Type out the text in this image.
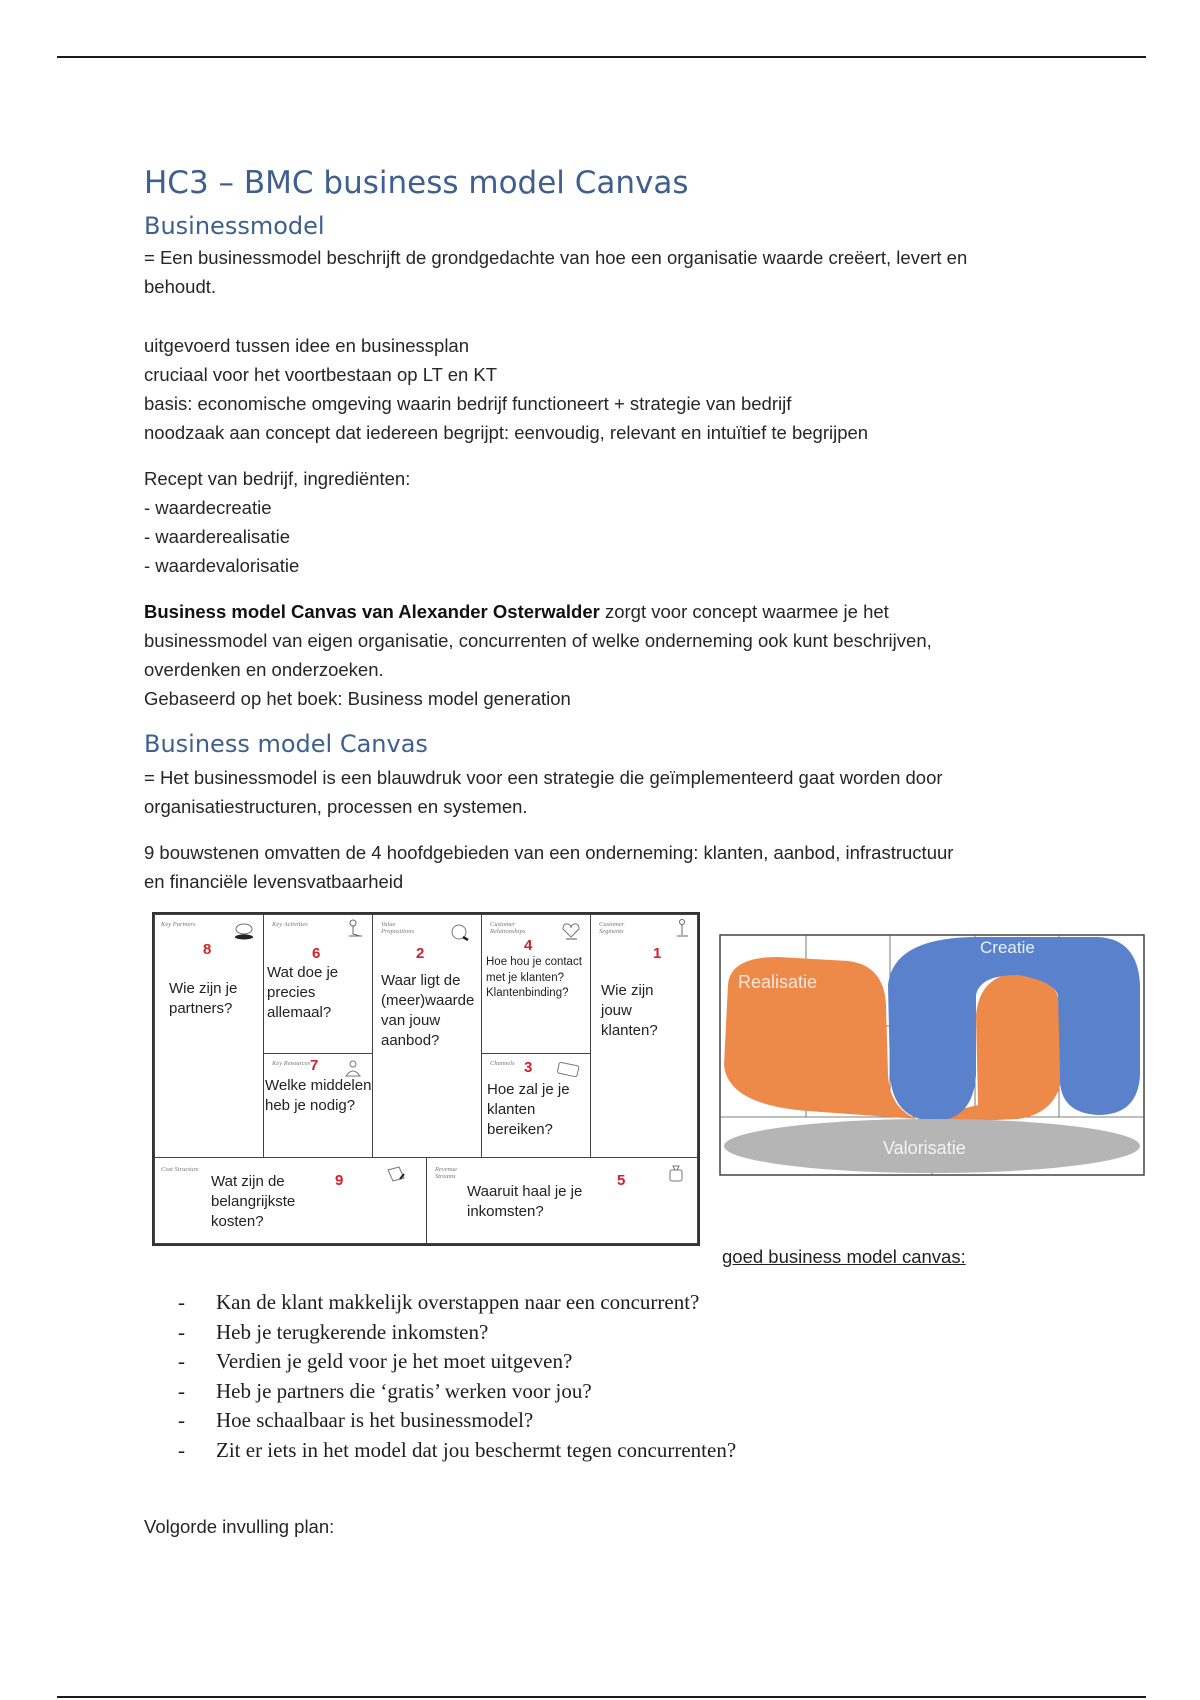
HC3 – BMC business model Canvas
Businessmodel
= Een businessmodel beschrijft de grondgedachte van hoe een organisatie waarde creëert, levert en
behoudt.
uitgevoerd tussen idee en businessplan
cruciaal voor het voortbestaan op LT en KT
basis: economische omgeving waarin bedrijf functioneert + strategie van bedrijf
noodzaak aan concept dat iedereen begrijpt: eenvoudig, relevant en intuïtief te begrijpen
Recept van bedrijf, ingrediënten:
- waardecreatie
- waarderealisatie
- waardevalorisatie
Business model Canvas van Alexander Osterwalder zorgt voor concept waarmee je het
businessmodel van eigen organisatie, concurrenten of welke onderneming ook kunt beschrijven,
overdenken en onderzoeken.
Gebaseerd op het boek: Business model generation
Business model Canvas
= Het businessmodel is een blauwdruk voor een strategie die geïmplementeerd gaat worden door
organisatiestructuren, processen en systemen.
9 bouwstenen omvatten de 4 hoofdgebieden van een onderneming: klanten, aanbod, infrastructuur
en financiële levensvatbaarheid
Key Partners
8
Wie zijn je partners?
Key Activities
6
Wat doe je precies allemaal?
Key Resources 7
Welke middelen heb je nodig?
Value Propositions
2
Waar ligt de (meer)waarde van jouw aanbod?
Customer Relationships
4
Hoe hou je contact met je klanten? Klantenbinding?
Channels 3
Hoe zal je je klanten bereiken?
Customer Segments
1
Wie zijn jouw klanten?
Cost Structure
9
Wat zijn de belangrijkste kosten?
Revenue Streams	5
Waaruit haal je je inkomsten?
Creatie
Realisatie
Valorisatie
goed business model canvas:
-	Kan de klant makkelijk overstappen naar een concurrent?
-	Heb je terugkerende inkomsten?
-	Verdien je geld voor je het moet uitgeven?
-	Heb je partners die ‘gratis’ werken voor jou?
-	Hoe schaalbaar is het businessmodel?
-	Zit er iets in het model dat jou beschermt tegen concurrenten?
Volgorde invulling plan:
